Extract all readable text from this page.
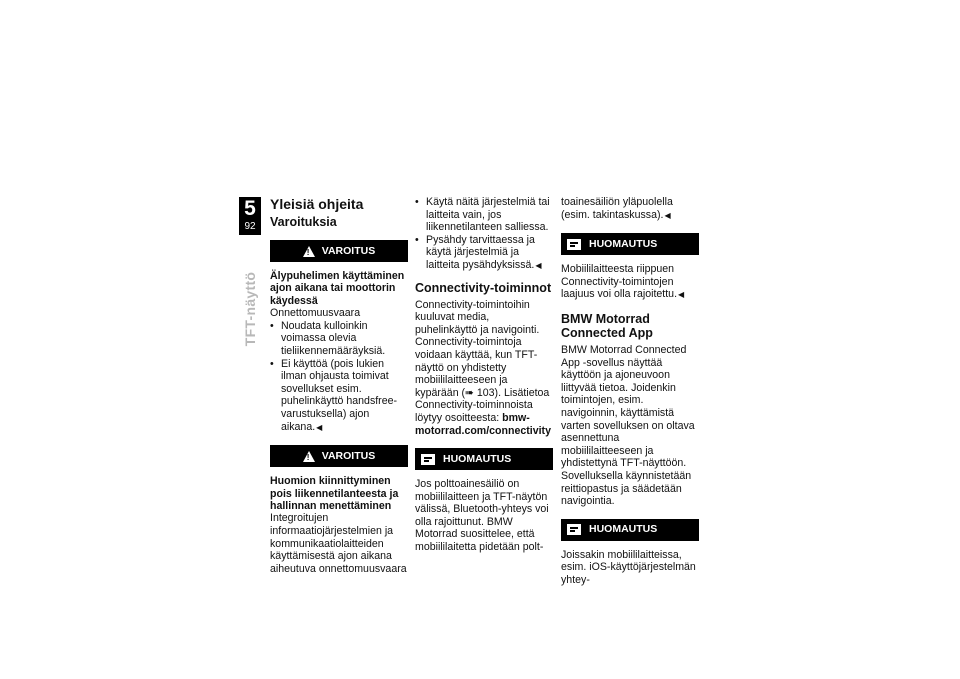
5
92
TFT-näyttö
Yleisiä ohjeita
Varoituksia
!
VAROITUS
Älypuhelimen käyttäminen ajon aikana tai moottorin käydessä

Onnettomuusvaara

• Noudata kulloinkin voimassa olevia tieliikennemääräyksiä.
• Ei käyttöä (pois lukien ilman ohjausta toimivat sovellukset esim. puhelinkäyttö handsfree-varustuksella) ajon aikana. ◀
!
VAROITUS
Huomion kiinnittyminen pois liikennetilanteesta ja hallinnan menettäminen

Integroitujen informaatiojärjestelmien ja kommunikaatiolaitteiden käyttämisestä ajon aikana aiheutuva onnettomuusvaara

• Käytä näitä järjestelmiä tai laitteita vain, jos liikennetilanteen salliessa.
• Pysähdy tarvittaessa ja käytä järjestelmiä ja laitteita pysähdyksissä. ◀
Connectivity-toiminnot

Connectivity-toimintoihin kuuluvat media, puhelinkäyttö ja navigointi. Connectivity-toimintoja voidaan käyttää, kun TFT-näyttö on yhdistetty mobiililaitteeseen ja kypärään (➠ 103). Lisätietoa Connectivity-toiminnoista löytyy osoitteesta: bmw-motorrad.com/connectivity

HUOMAUTUS

Jos polttoainesäiliö on mobiililaitteen ja TFT-näytön välissä, Bluetooth-yhteys voi olla rajoittunut. BMW Motorrad suosittelee, että mobiililaitetta pidetään polt-

toainesäiliön yläpuolella (esim. takintaskussa). ◀

HUOMAUTUS

Mobiililaitteesta riippuen Connectivity-toimintojen laajuus voi olla rajoitettu. ◀

BMW Motorrad Connected App

BMW Motorrad Connected App -sovellus näyttää käyttöön ja ajoneuvoon liittyvää tietoa. Joidenkin toimintojen, esim. navigoinnin, käyttämistä varten sovelluksen on oltava asennettuna mobiililaitteeseen ja yhdistettynä TFT-näyttöön. Sovelluksella käynnistetään reittiopastus ja säädetään navigointia.

HUOMAUTUS

Joissakin mobiililaitteissa, esim. iOS-käyttöjärjestelmän yhtey-
